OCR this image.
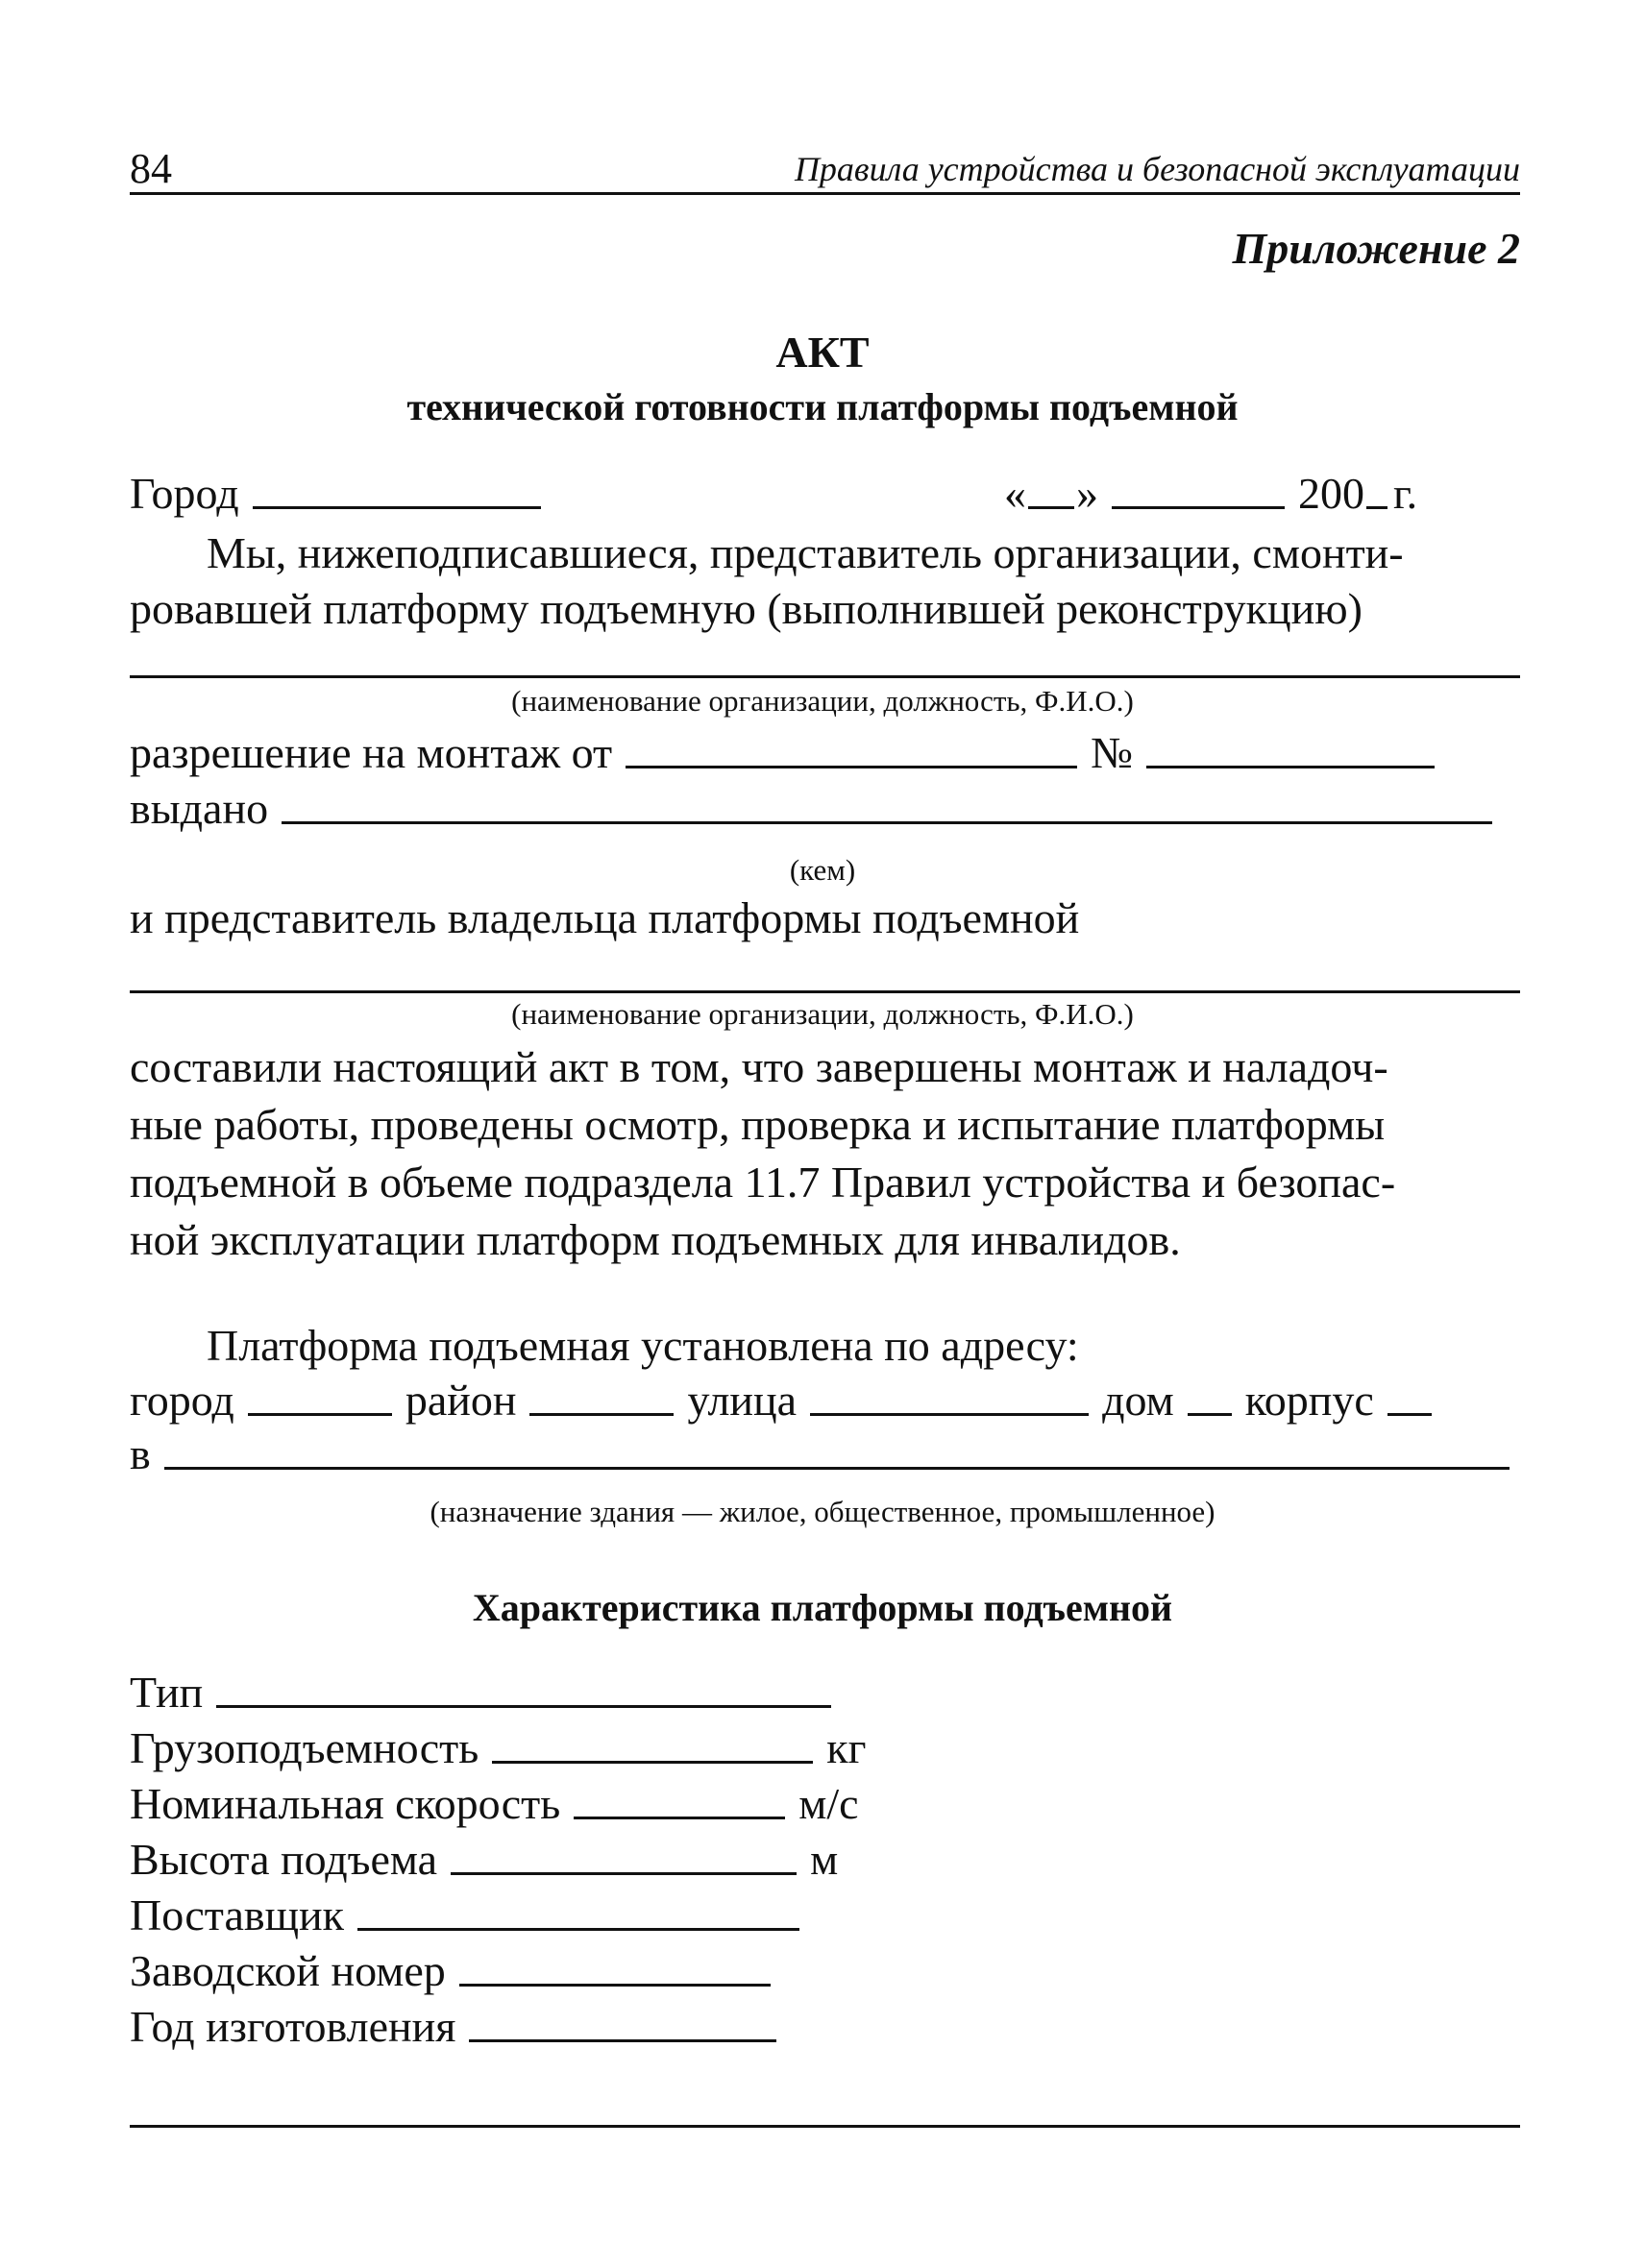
84	Правила устройства и безопасной эксплуатации
Приложение 2
АКТ
технической готовности платформы подъемной
Город	« »	200 г.
Мы, нижеподписавшиеся, представитель организации, смонти-
ровавшей платформу подъемную (выполнившей реконструкцию)
(наименование организации, должность, Ф.И.О.)
разрешение на монтаж от	№
выдано
(кем)
и представитель владельца платформы подъемной
(наименование организации, должность, Ф.И.О.)
составили настоящий акт в том, что завершены монтаж и наладоч-
ные работы, проведены осмотр, проверка и испытание платформы
подъемной в объеме подраздела 11.7 Правил устройства и безопас-
ной эксплуатации платформ подъемных для инвалидов.
Платформа подъемная установлена по адресу:
город	район	улица	дом корпус
в
(назначение здания — жилое, общественное, промышленное)
Характеристика платформы подъемной
Тип
Грузоподъемность	кг
Номинальная скорость	м/с
Высота подъема	м
Поставщик
Заводской номер
Год изготовления
